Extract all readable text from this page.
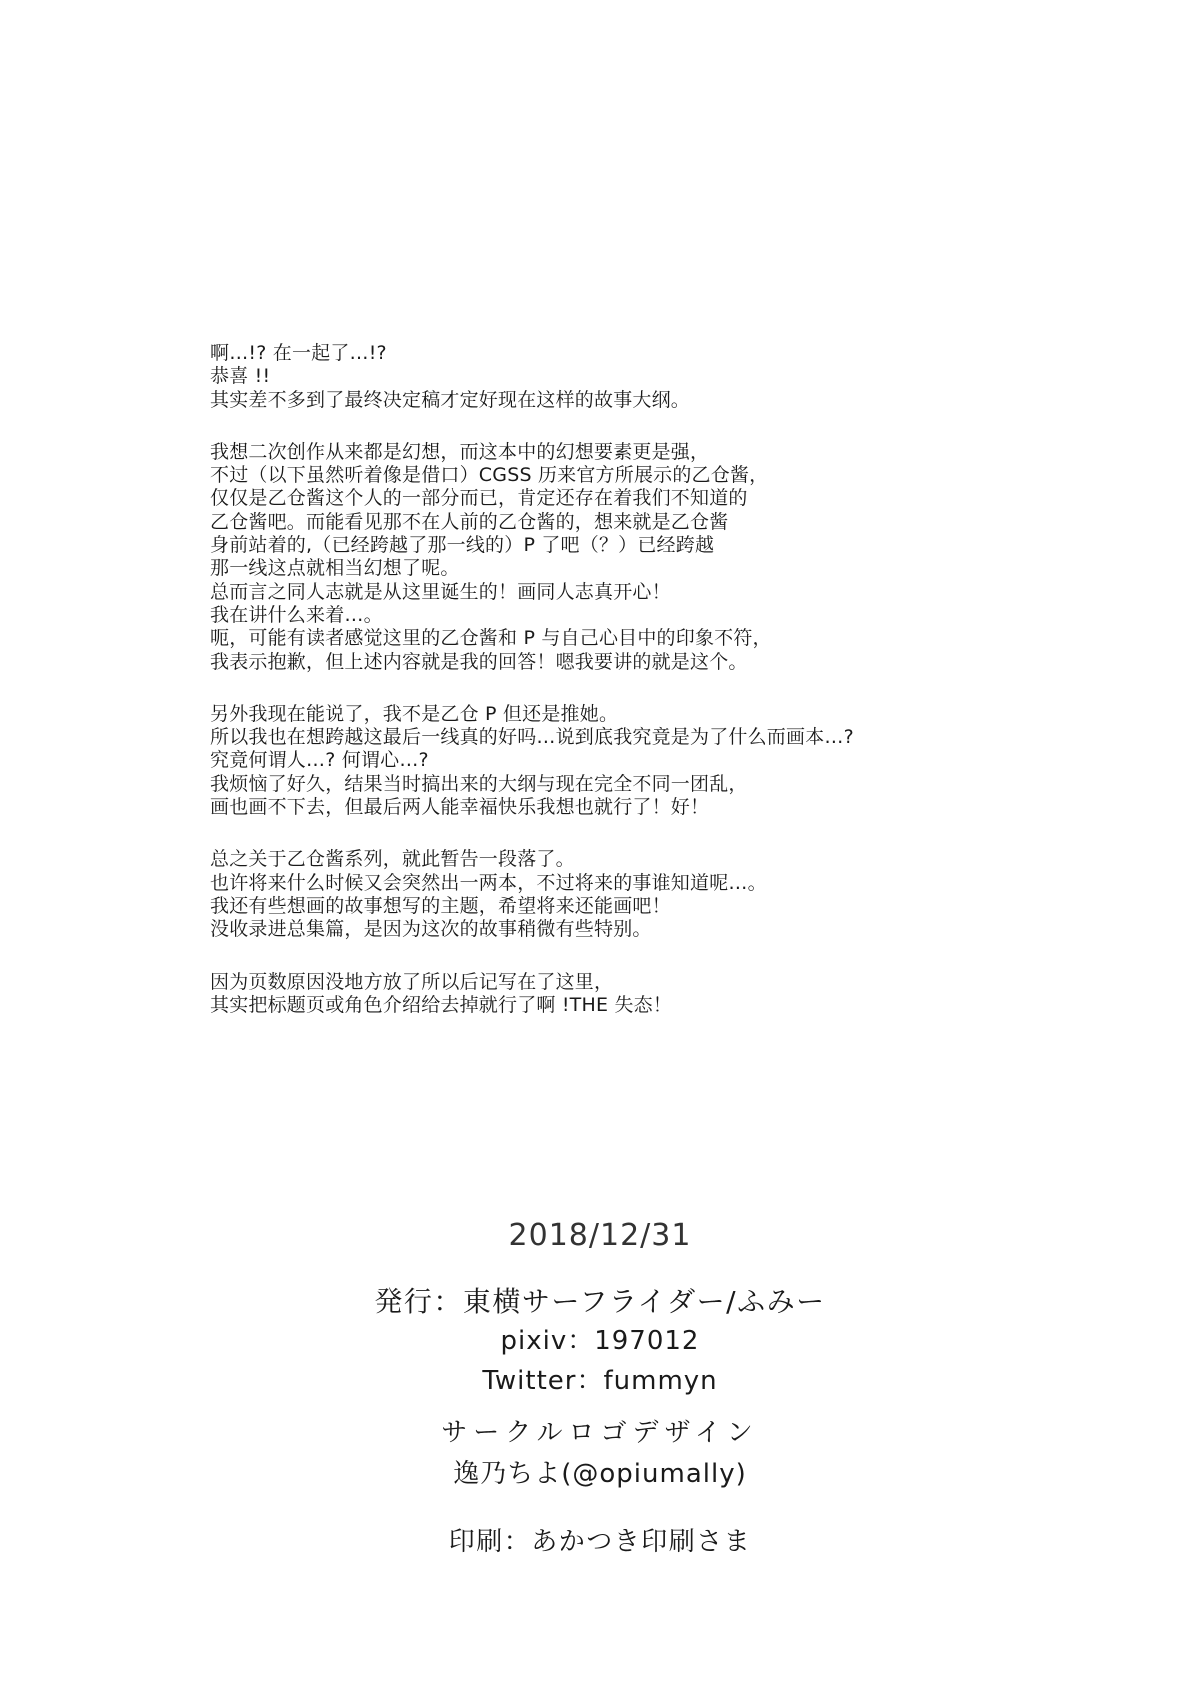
啊…!? 在一起了…!?
恭喜 !!
其实差不多到了最终决定稿才定好现在这样的故事大纲。
我想二次创作从来都是幻想，而这本中的幻想要素更是强，
不过（以下虽然听着像是借口）CGSS 历来官方所展示的乙仓酱，
仅仅是乙仓酱这个人的一部分而已，肯定还存在着我们不知道的
乙仓酱吧。而能看见那不在人前的乙仓酱的，想来就是乙仓酱
身前站着的,（已经跨越了那一线的）P 了吧（？）已经跨越
那一线这点就相当幻想了呢。
总而言之同人志就是从这里诞生的！画同人志真开心！
我在讲什么来着…。
呃，可能有读者感觉这里的乙仓酱和 P 与自己心目中的印象不符，
我表示抱歉，但上述内容就是我的回答！嗯我要讲的就是这个。
另外我现在能说了，我不是乙仓 P 但还是推她。
所以我也在想跨越这最后一线真的好吗…说到底我究竟是为了什么而画本…?
究竟何谓人…? 何谓心…?
我烦恼了好久，结果当时搞出来的大纲与现在完全不同一团乱，
画也画不下去，但最后两人能幸福快乐我想也就行了！好！
总之关于乙仓酱系列，就此暂告一段落了。
也许将来什么时候又会突然出一两本，不过将来的事谁知道呢…。
我还有些想画的故事想写的主题，希望将来还能画吧！
没收录进总集篇，是因为这次的故事稍微有些特别。
因为页数原因没地方放了所以后记写在了这里，
其实把标题页或角色介绍给去掉就行了啊 !THE 失态！
2018/12/31
発行：東横サーフライダー/ふみー
pixiv：197012
Twitter：fummyn
サークルロゴデザイン
逸乃ちよ(@opiumally)
印刷：あかつき印刷さま
